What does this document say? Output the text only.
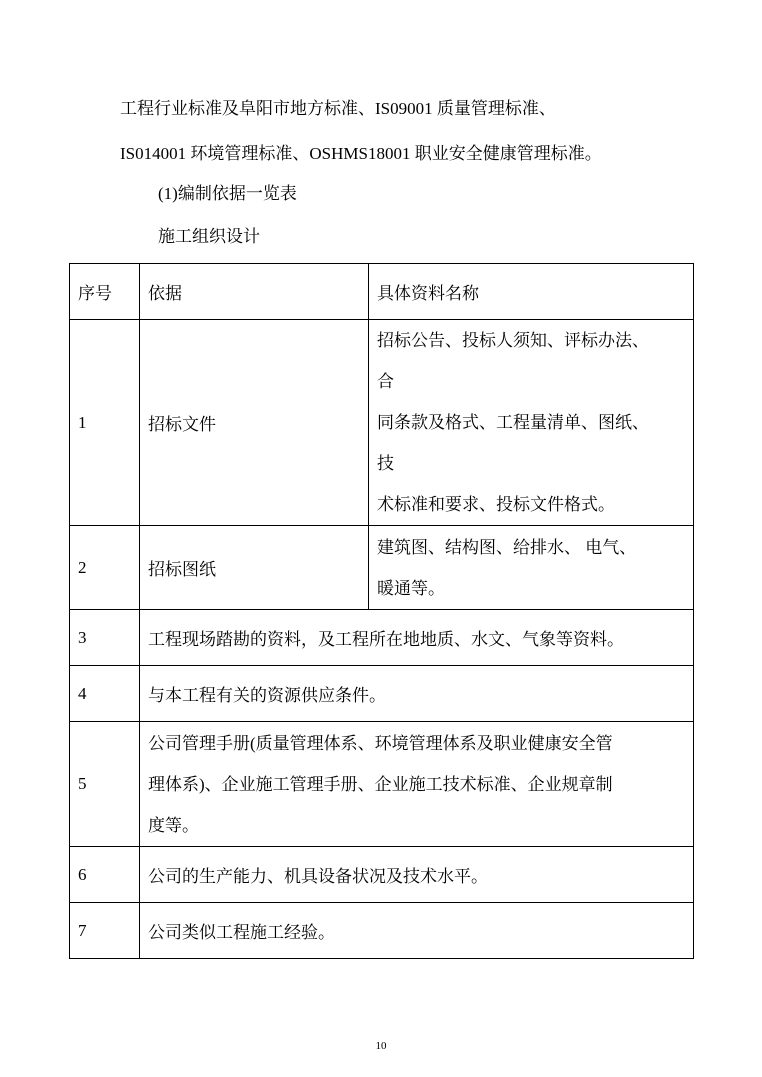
工程行业标准及阜阳市地方标准、IS09001 质量管理标准、
IS014001 环境管理标准、OSHMS18001 职业安全健康管理标准。
(1)编制依据一览表
施工组织设计
序号	依据	具体资料名称
1	招标文件	招标公告、投标人须知、评标办法、
合
同条款及格式、工程量清单、图纸、
技
术标准和要求、投标文件格式。

2	招标图纸	建筑图、结构图、给排水、 电气、
暖通等。

3	工程现场踏勘的资料，及工程所在地地质、水文、气象等资料。	
4	与本工程有关的资源供应条件。	
5	公司管理手册(质量管理体系、环境管理体系及职业健康安全管
理体系)、企业施工管理手册、企业施工技术标准、企业规章制
度等。	

6	公司的生产能力、机具设备状况及技术水平。	
7	公司类似工程施工经验。	
10
